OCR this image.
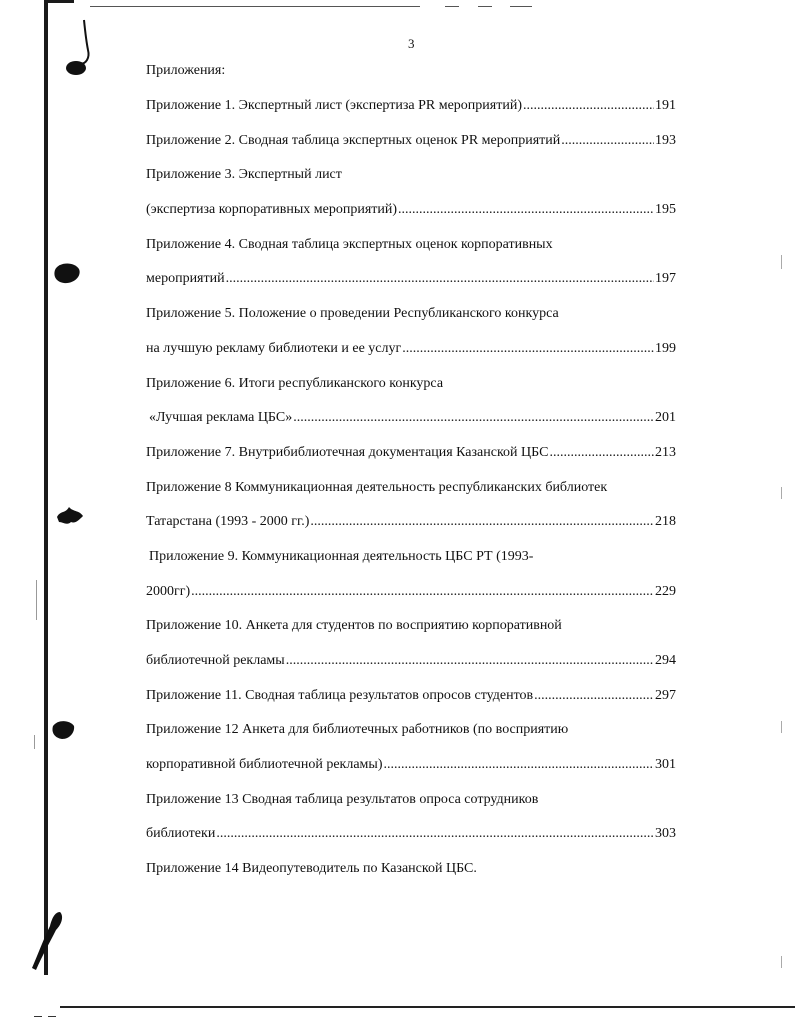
3
Приложения:
Приложение 1. Экспертный лист (экспертиза PR мероприятий) .....	191
Приложение 2. Сводная таблица экспертных оценок PR мероприятий .....	193
Приложение 3. Экспертный лист
(экспертиза корпоративных мероприятий) .....	195
Приложение 4. Сводная таблица экспертных оценок корпоративных
мероприятий .....	197
Приложение 5. Положение о проведении Республиканского конкурса
на лучшую рекламу библиотеки и ее услуг .....	199
Приложение 6. Итоги республиканского конкурса
«Лучшая реклама ЦБС» .....	201
Приложение 7. Внутрибиблиотечная документация Казанской ЦБС .....	213
Приложение 8 Коммуникационная деятельность республиканских библиотек
Татарстана (1993 - 2000 гг.) .....	218
Приложение 9. Коммуникационная деятельность ЦБС РТ (1993-
2000гг) .....	229
Приложение 10. Анкета для студентов по восприятию корпоративной
библиотечной рекламы .....	294
Приложение 11. Сводная таблица результатов опросов студентов .....	297
Приложение 12 Анкета для библиотечных работников (по восприятию
корпоративной библиотечной рекламы) .....	301
Приложение 13 Сводная таблица результатов опроса сотрудников
библиотеки .....	303
Приложение 14 Видеопутеводитель по Казанской ЦБС.
